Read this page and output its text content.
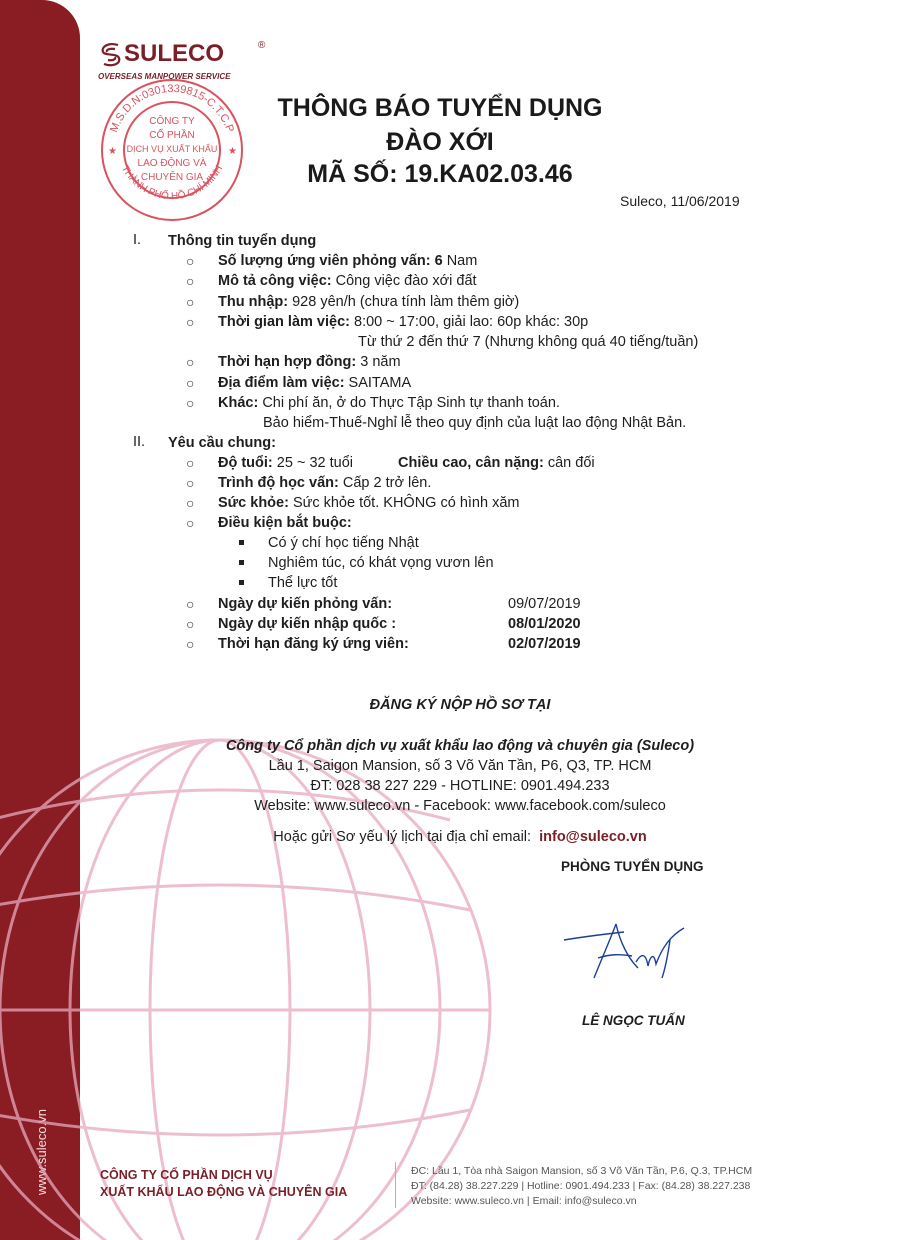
www.suleco.vn
SULECO	®
OVERSEAS MANPOWER SERVICE
M.S.D.N:0301339815-C.T.C.P
THÀNH PHỐ HỒ CHÍ MINH
CÔNG TY
CỔ PHẦN
DỊCH VỤ XUẤT KHẨU
LAO ĐỘNG VÀ
CHUYÊN GIA
★	★
THÔNG BÁO TUYỂN DỤNG
ĐÀO XỚI
MÃ SỐ: 19.KA02.03.46
Suleco, 11/06/2019
I. Thông tin tuyển dụng
○ Số lượng ứng viên phỏng vấn: 6 Nam
○ Mô tả công việc: Công việc đào xới đất
○ Thu nhập: 928 yên/h (chưa tính làm thêm giờ)
○ Thời gian làm việc: 8:00 ~ 17:00, giải lao: 60p khác: 30p
Từ thứ 2 đến thứ 7 (Nhưng không quá 40 tiếng/tuần)
○ Thời hạn hợp đồng: 3 năm
○ Địa điểm làm việc: SAITAMA
○ Khác: Chi phí ăn, ở do Thực Tập Sinh tự thanh toán.
Bảo hiểm-Thuế-Nghỉ lễ theo quy định của luật lao động Nhật Bản.
II. Yêu cầu chung:
○ Độ tuổi: 25 ~ 32 tuổi	Chiều cao, cân nặng: cân đối
○ Trình độ học vấn: Cấp 2 trở lên.
○ Sức khỏe: Sức khỏe tốt. KHÔNG có hình xăm
○ Điều kiện bắt buộc:
Có ý chí học tiếng Nhật
Nghiêm túc, có khát vọng vươn lên
Thể lực tốt
○ Ngày dự kiến phỏng vấn:	09/07/2019
○ Ngày dự kiến nhập quốc :	08/01/2020
○ Thời hạn đăng ký ứng viên:	02/07/2019
ĐĂNG KÝ NỘP HỒ SƠ TẠI
Công ty Cổ phần dịch vụ xuất khẩu lao động và chuyên gia (Suleco)
Lầu 1, Saigon Mansion, số 3 Võ Văn Tần, P6, Q3, TP. HCM
ĐT: 028 38 227 229 - HOTLINE: 0901.494.233
Website: www.suleco.vn - Facebook: www.facebook.com/suleco
Hoặc gửi Sơ yếu lý lịch tại địa chỉ email: info@suleco.vn
PHÒNG TUYỂN DỤNG
LÊ NGỌC TUẤN
CÔNG TY CỔ PHẦN DỊCH VỤ
XUẤT KHẨU LAO ĐỘNG VÀ CHUYÊN GIA
ĐC: Lầu 1, Tòa nhà Saigon Mansion, số 3 Võ Văn Tần, P.6, Q.3, TP.HCM
ĐT: (84.28) 38.227.229 | Hotline: 0901.494.233 | Fax: (84.28) 38.227.238
Website: www.suleco.vn | Email: info@suleco.vn
